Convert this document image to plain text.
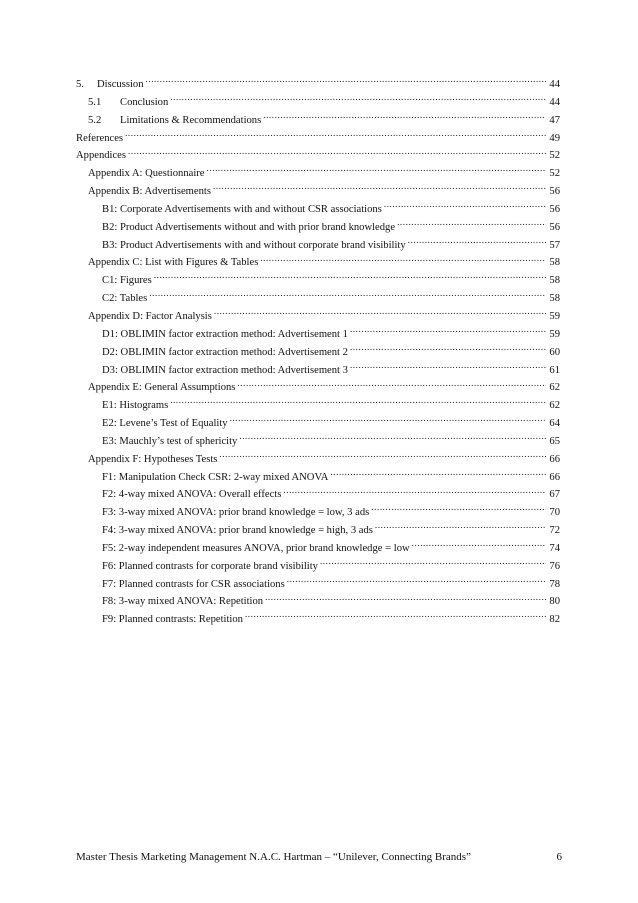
5.	Discussion .....	44
5.1	Conclusion .....	44
5.2	Limitations & Recommendations .....	47
References .....	49
Appendices .....	52
Appendix A: Questionnaire .....	52
Appendix B: Advertisements .....	56
B1: Corporate Advertisements with and without CSR associations .....	56
B2: Product Advertisements without and with prior brand knowledge .....	56
B3: Product Advertisements with and without corporate brand visibility .....	57
Appendix C: List with Figures & Tables .....	58
C1: Figures .....	58
C2: Tables .....	58
Appendix D: Factor Analysis .....	59
D1: OBLIMIN factor extraction method: Advertisement 1 .....	59
D2: OBLIMIN factor extraction method: Advertisement 2 .....	60
D3: OBLIMIN factor extraction method: Advertisement 3 .....	61
Appendix E: General Assumptions .....	62
E1: Histograms .....	62
E2: Levene’s Test of Equality .....	64
E3: Mauchly’s test of sphericity .....	65
Appendix F: Hypotheses Tests .....	66
F1: Manipulation Check CSR: 2-way mixed ANOVA .....	66
F2: 4-way mixed ANOVA: Overall effects .....	67
F3: 3-way mixed ANOVA: prior brand knowledge = low, 3 ads .....	70
F4: 3-way mixed ANOVA: prior brand knowledge = high, 3 ads .....	72
F5: 2-way independent measures ANOVA, prior brand knowledge = low .....	74
F6: Planned contrasts for corporate brand visibility .....	76
F7: Planned contrasts for CSR associations .....	78
F8: 3-way mixed ANOVA: Repetition .....	80
F9: Planned contrasts: Repetition .....	82
Master Thesis Marketing Management N.A.C. Hartman – “Unilever, Connecting Brands”	6
